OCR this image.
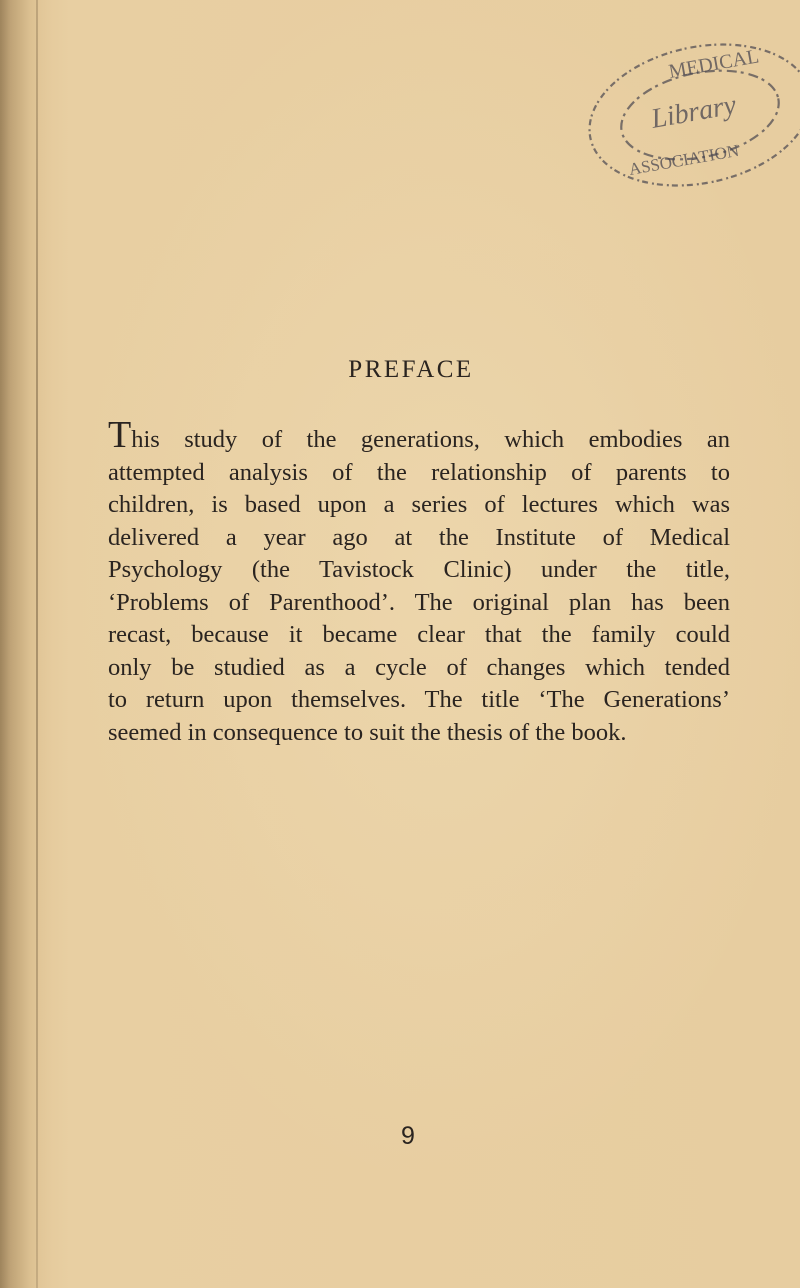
MEDICAL
Library
ASSOCIATION
PREFACE
This study of the generations, which embodies an
attempted analysis of the relationship of parents to
children, is based upon a series of lectures which was
delivered a year ago at the Institute of Medical
Psychology (the Tavistock Clinic) under the title,
‘Problems of Parenthood’. The original plan has been
recast, because it became clear that the family could
only be studied as a cycle of changes which tended
to return upon themselves. The title ‘The Generations’
seemed in consequence to suit the thesis of the book.
9
